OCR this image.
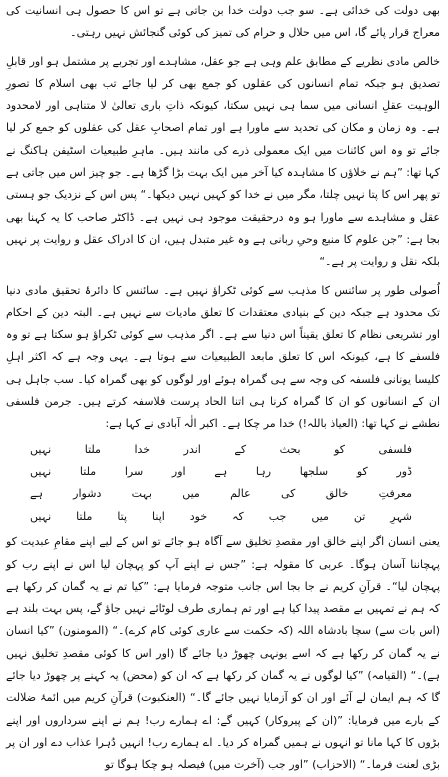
بھی دولت کی خدائی ہے۔ سو جب دولت خدا بن جاتی ہے تو اس کا حصول ہی انسانیت کی معراج قرار پائے گا، اس میں حلال و حرام کی تمیز کی کوئی گنجائش نہیں رہتی۔

خالص مادی نظریے کے مطابق علم وہی ہے جو عقل، مشاہدے اور تجربے پر مشتمل ہو اور قابلِ تصدیق ہو جبکہ تمام انسانوں کی عقلوں کو جمع بھی کر لیا جائے تب بھی اسلام کا تصورِ الوہیت عقلِ انسانی میں سما ہی نہیں سکتا، کیونکہ ذاتِ باری تعالیٰ لا متناہی اور لامحدود ہے۔ وہ زمان و مکان کی تحدید سے ماورا ہے اور تمام اصحابِ عقل کی عقلوں کو جمع کر لیا جائے تو وہ اس کائنات میں ایک معمولی ذرے کی مانند ہیں۔ ماہرِ طبیعیات اسٹیفن ہاکنگ نے کہا تھا: ”ہم نے خلاؤں کا مشاہدہ کیا آخر میں ایک بہت بڑا گڑھا ہے۔ جو چیز اس میں جاتی ہے تو پھر اس کا پتا نہیں چلتا، مگر میں نے خدا کو کہیں نہیں دیکھا۔“ پس اس کے نزدیک جو ہستی عقل و مشاہدے سے ماورا ہو وہ درحقیقت موجود ہی نہیں ہے۔ ڈاکٹر صاحب کا یہ کہنا بھی بجا ہے: ”جن علوم کا منبع وحیِ ربانی ہے وہ غیر متبدل ہیں، ان کا ادراک عقل و روایت پر نہیں بلکہ نقل و روایت پر ہے۔“

اُصولی طور پر سائنس کا مذہب سے کوئی ٹکراؤ نہیں ہے۔ سائنس کا دائرۂ تحقیق مادی دنیا تک محدود ہے جبکہ دین کے بنیادی معتقدات کا تعلق مادیات سے نہیں ہے۔ البتہ دین کے احکام اور تشریعی نظام کا تعلق یقیناً اس دنیا سے ہے۔ اگر مذہب سے کوئی ٹکراؤ ہو سکتا ہے تو وہ فلسفے کا ہے، کیونکہ اس کا تعلق مابعد الطبیعیات سے ہوتا ہے۔ یہی وجہ ہے کہ اکثر اہلِ کلیسا یونانی فلسفہ کی وجہ سے ہی گمراہ ہوئے اور لوگوں کو بھی گمراہ کیا۔ سب جاہل ہی ان کے انسانوں کو ان کا گمراہ کرنا ہی اتنا الحاد پرست فلاسفہ کرتے ہیں۔ جرمن فلسفی نطشے نے کہا تھا: (العیاذ باللہ!) خدا مر چکا ہے۔ اکبر الٰہ آبادی نے کہا ہے:

فلسفی کو بحث کے اندر خدا ملتا نہیں
ڈور کو سلجھا رہا ہے اور سرا ملتا نہیں
معرفتِ خالق کی عالم میں بہت دشوار ہے
شہرِ تن میں جب کہ خود اپنا پتا ملتا نہیں

یعنی انسان اگر اپنے خالق اور مقصدِ تخلیق سے آگاہ ہو جائے تو اس کے لیے اپنے مقامِ عبدیت کو پہچاننا آسان ہوگا۔ عربی کا مقولہ ہے: ”جس نے اپنے آپ کو پہچان لیا اس نے اپنے رب کو پہچان لیا“۔ قرآنِ کریم نے جا بجا اس جانب متوجہ فرمایا ہے: ”کیا تم نے یہ گمان کر رکھا ہے کہ ہم نے تمہیں بے مقصد پیدا کیا ہے اور تم ہماری طرف لوٹائے نہیں جاؤ گے، پس بہت بلند ہے (اس بات سے) سچا بادشاہ اللہ (کہ حکمت سے عاری کوئی کام کرے)۔“ (المومنون) ”کیا انسان نے یہ گمان کر رکھا ہے کہ اسے یونہی چھوڑ دیا جائے گا (اور اس کا کوئی مقصدِ تخلیق نہیں ہے)۔“ (القیامہ) ”کیا لوگوں نے یہ گمان کر رکھا ہے کہ ان کو (محض) یہ کہنے پر چھوڑ دیا جائے گا کہ ہم ایمان لے آئے اور ان کو آزمایا نہیں جائے گا۔“ (العنکبوت) قرآنِ کریم میں ائمۂ ضلالت کے بارے میں فرمایا: ”(ان کے پیروکار) کہیں گے: اے ہمارے رب! ہم نے اپنے سرداروں اور اپنے بڑوں کا کہا مانا تو انہوں نے ہمیں گمراہ کر دیا۔ اے ہمارے رب! انہیں دُہرا عذاب دے اور ان پر بڑی لعنت فرما۔“ (الاحزاب) ”اور جب (آخرت میں) فیصلہ ہو چکا ہوگا تو
